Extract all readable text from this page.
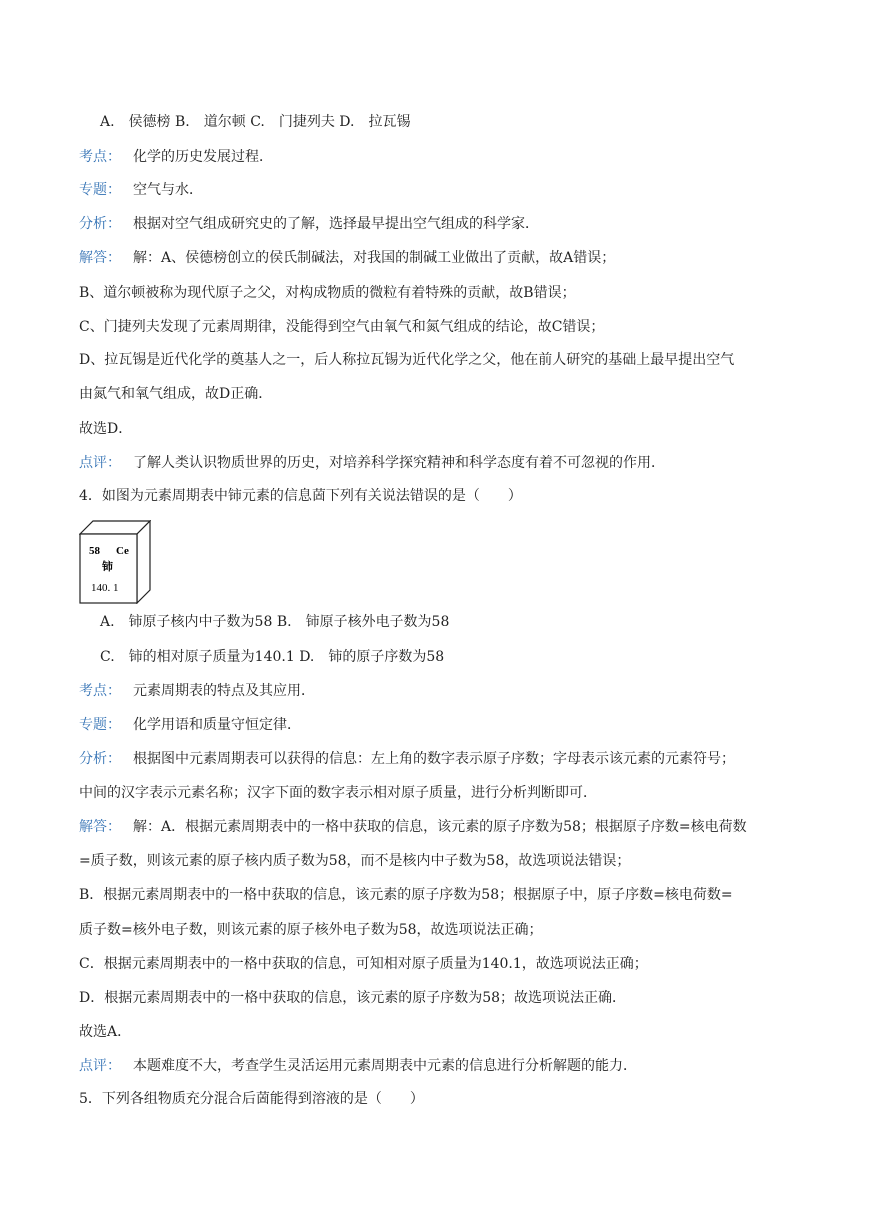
A.　侯德榜 B.　道尔顿 C.　门捷列夫 D.　拉瓦锡
考点： 化学的历史发展过程．
专题： 空气与水．
分析： 根据对空气组成研究史的了解，选择最早提出空气组成的科学家．
解答： 解：A、侯德榜创立的侯氏制碱法，对我国的制碱工业做出了贡献，故A错误；
B、道尔顿被称为现代原子之父，对构成物质的微粒有着特殊的贡献，故B错误；
C、门捷列夫发现了元素周期律，没能得到空气由氧气和氮气组成的结论，故C错误；
D、拉瓦锡是近代化学的奠基人之一，后人称拉瓦锡为近代化学之父，他在前人研究的基础上最早提出空气
由氮气和氧气组成，故D正确．
故选D．
点评： 了解人类认识物质世界的历史，对培养科学探究精神和科学态度有着不可忽视的作用．
4．如图为元素周期表中铈元素的信息䓢下列有关说法错误的是（　　）
58 Ce
铈
140. 1
A.　铈原子核内中子数为58 B.　铈原子核外电子数为58
C.　铈的相对原子质量为140.1 D.　铈的原子序数为58
考点： 元素周期表的特点及其应用．
专题： 化学用语和质量守恒定律．
分析： 根据图中元素周期表可以获得的信息：左上角的数字表示原子序数；字母表示该元素的元素符号；
中间的汉字表示元素名称；汉字下面的数字表示相对原子质量，进行分析判断即可．
解答： 解：A．根据元素周期表中的一格中获取的信息，该元素的原子序数为58；根据原子序数=核电荷数
=质子数，则该元素的原子核内质子数为58，而不是核内中子数为58，故选项说法错误；
B．根据元素周期表中的一格中获取的信息，该元素的原子序数为58；根据原子中，原子序数=核电荷数=
质子数=核外电子数，则该元素的原子核外电子数为58，故选项说法正确；
C．根据元素周期表中的一格中获取的信息，可知相对原子质量为140.1，故选项说法正确；
D．根据元素周期表中的一格中获取的信息，该元素的原子序数为58；故选项说法正确．
故选A．
点评： 本题难度不大，考查学生灵活运用元素周期表中元素的信息进行分析解题的能力．
5．下列各组物质充分混合后䓢能得到溶液的是（　　）
